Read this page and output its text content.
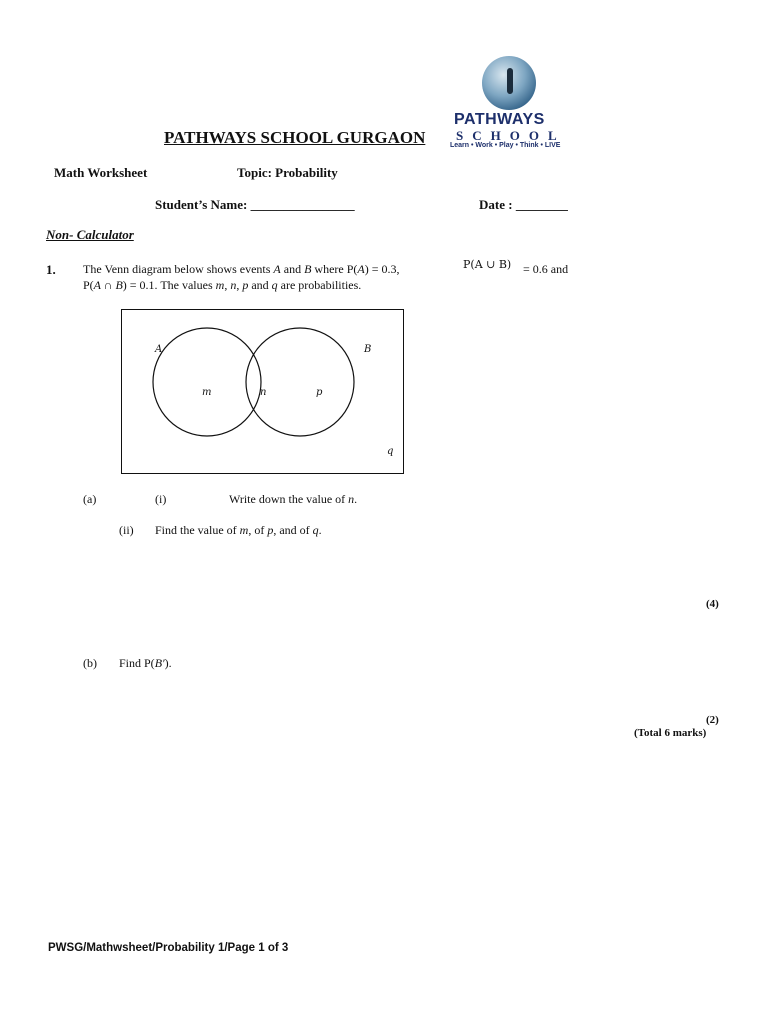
PATHWAYS
SCHOOL
Learn • Work • Play • Think • LIVE
PATHWAYS SCHOOL GURGAON
Math Worksheet	Topic: Probability
Student’s Name: ________________	Date : ________
Non- Calculator
1. The Venn diagram below shows events A and B where P(A) = 0.3,	P(A ∪ B) = 0.6 and
P(A ∩ B) = 0.1. The values m, n, p and q are probabilities.
A	B
m	n	p
q
(a)	(i)	Write down the value of n.
(ii) Find the value of m, of p, and of q.
(4)
(b) Find P(B′).
(2)
(Total 6 marks)
PWSG/Mathwsheet/Probability 1/Page 1 of 3
